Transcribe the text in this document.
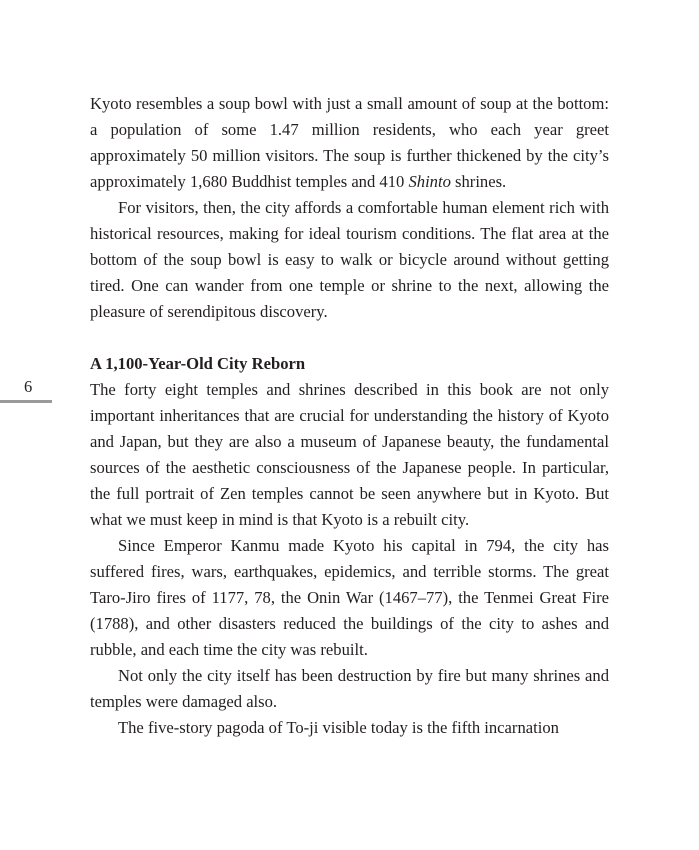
6

Kyoto resembles a soup bowl with just a small amount of soup at the bottom: a population of some 1.47 million residents, who each year greet approximately 50 million visitors. The soup is further thickened by the city’s approximately 1,680 Buddhist temples and 410 Shinto shrines.

For visitors, then, the city affords a comfortable human element rich with historical resources, making for ideal tourism conditions. The flat area at the bottom of the soup bowl is easy to walk or bicycle around without getting tired. One can wander from one temple or shrine to the next, allowing the pleasure of serendipitous discovery.

A 1,100-Year-Old City Reborn

The forty eight temples and shrines described in this book are not only important inheritances that are crucial for understanding the history of Kyoto and Japan, but they are also a museum of Japanese beauty, the fundamental sources of the aesthetic consciousness of the Japanese people. In particular, the full portrait of Zen temples cannot be seen anywhere but in Kyoto. But what we must keep in mind is that Kyoto is a rebuilt city.

Since Emperor Kanmu made Kyoto his capital in 794, the city has suffered fires, wars, earthquakes, epidemics, and terrible storms. The great Taro-Jiro fires of 1177, 78, the Onin War (1467–77), the Tenmei Great Fire (1788), and other disasters reduced the buildings of the city to ashes and rubble, and each time the city was rebuilt.

Not only the city itself has been destruction by fire but many shrines and temples were damaged also.

The five-story pagoda of To-ji visible today is the fifth incarnation
